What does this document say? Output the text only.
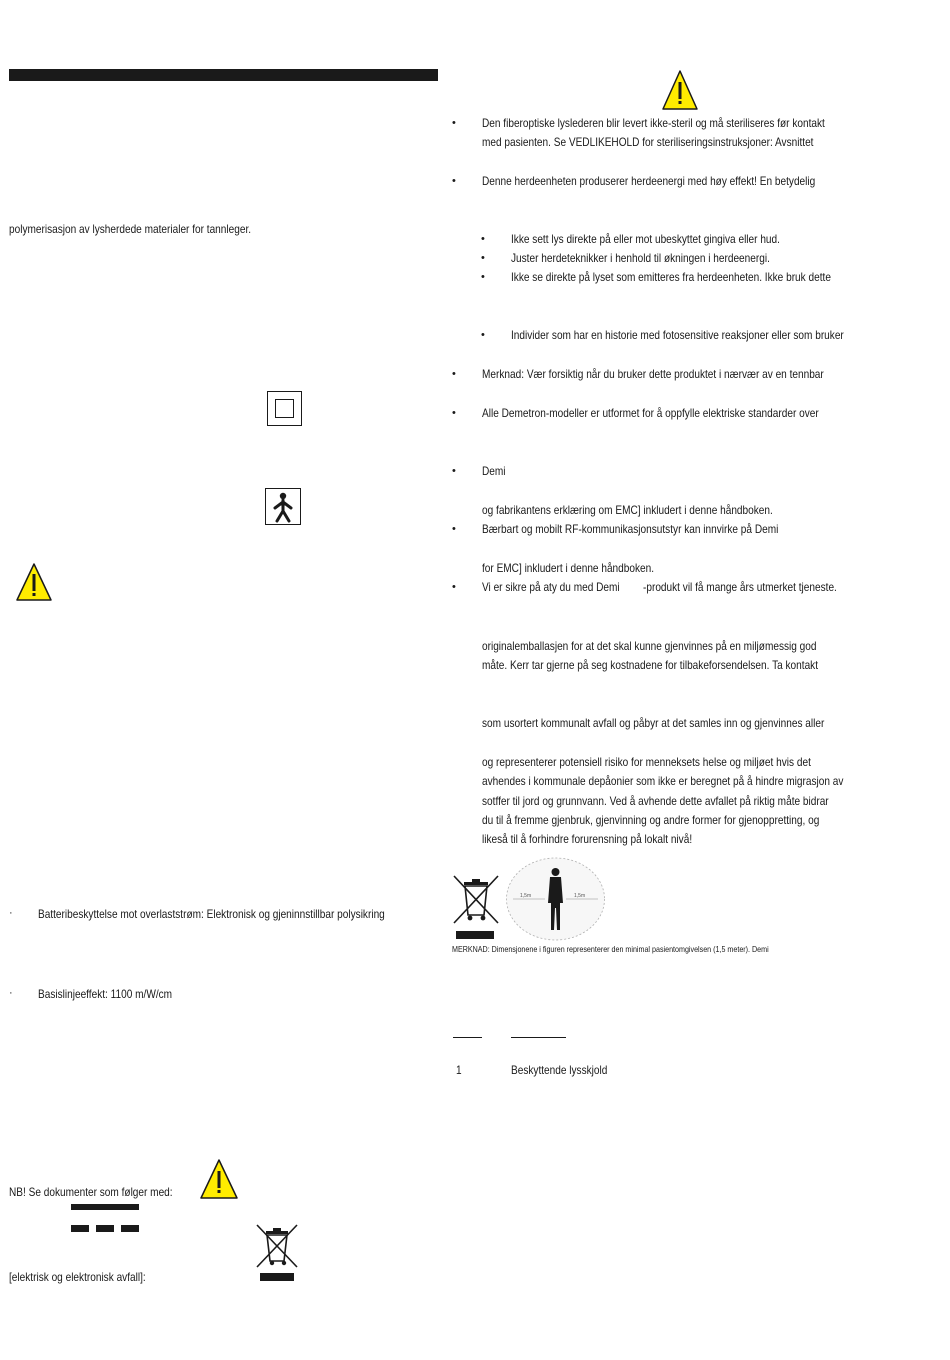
polymerisasjon av lysherdede materialer for tannleger.
· Batteribeskyttelse mot overlaststrøm: Elektronisk og gjeninnstillbar polysikring
· Basislinjeeffekt: 1100 m/W/cm
NB! Se dokumenter som følger med:
[elektrisk og elektronisk avfall]:
• Den fiberoptiske lyslederen blir levert ikke-steril og må steriliseres før kontakt
med pasienten. Se VEDLIKEHOLD for steriliseringsinstruksjoner: Avsnittet
• Denne herdeenheten produserer herdeenergi med høy effekt! En betydelig
• Ikke sett lys direkte på eller mot ubeskyttet gingiva eller hud.
• Juster herdeteknikker i henhold til økningen i herdeenergi.
• Ikke se direkte på lyset som emitteres fra herdeenheten. Ikke bruk dette
• Individer som har en historie med fotosensitive reaksjoner eller som bruker
• Merknad: Vær forsiktig når du bruker dette produktet i nærvær av en tennbar
• Alle Demetron-modeller er utformet for å oppfylle elektriske standarder over
• Demi
og fabrikantens erklæring om EMC] inkludert i denne håndboken.
• Bærbart og mobilt RF-kommunikasjonsutstyr kan innvirke på Demi
for EMC] inkludert i denne håndboken.
• Vi er sikre på aty du med Demi -produkt vil få mange års utmerket tjeneste.
originalemballasjen for at det skal kunne gjenvinnes på en miljømessig god
måte. Kerr tar gjerne på seg kostnadene for tilbakeforsendelsen. Ta kontakt
som usortert kommunalt avfall og påbyr at det samles inn og gjenvinnes aller
og representerer potensiell risiko for menneksets helse og miljøet hvis det
avhendes i kommunale depåonier som ikke er beregnet på å hindre migrasjon av
sotffer til jord og grunnvann. Ved å avhende dette avfallet på riktig måte bidrar
du til å fremme gjenbruk, gjenvinning og andre former for gjenoppretting, og
likeså til å forhindre forurensning på lokalt nivå!
1,5m	1,5m
MERKNAD: Dimensjonene i figuren representerer den minimal pasientomgivelsen (1,5 meter). Demi
1	Beskyttende lysskjold
